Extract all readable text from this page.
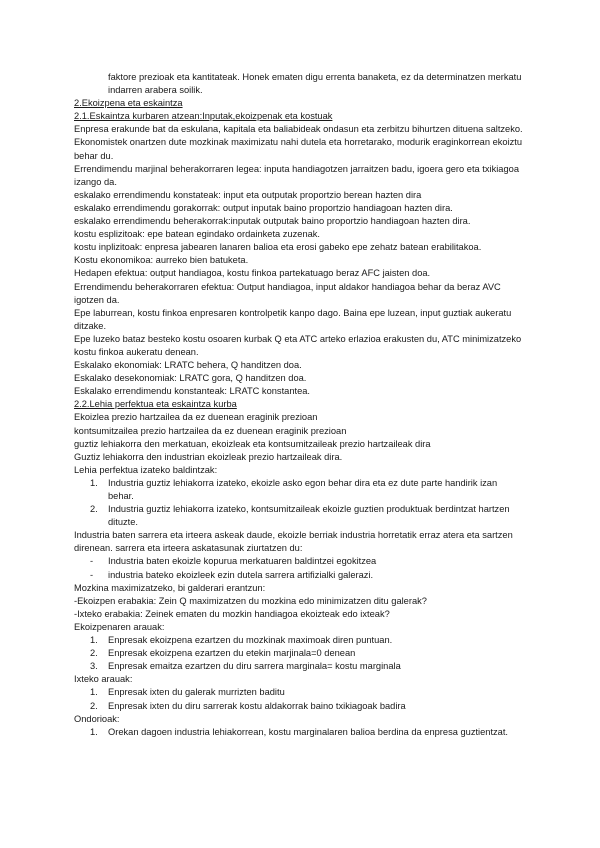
faktore prezioak eta kantitateak. Honek ematen digu errenta banaketa, ez da determinatzen merkatu indarren arabera soilik.

2.Ekoizpena eta eskaintza

2.1.Eskaintza kurbaren atzean:Inputak,ekoizpenak eta kostuak

Enpresa erakunde bat da eskulana, kapitala eta baliabideak ondasun eta zerbitzu bihurtzen dituena saltzeko. Ekonomistek onartzen dute mozkinak maximizatu nahi dutela eta horretarako, modurik eraginkorrean ekoiztu behar du.

Errendimendu marjinal beherakorraren legea: inputa handiagotzen jarraitzen badu, igoera gero eta txikiagoa izango da.

eskalako errendimendu konstateak: input eta outputak proportzio berean hazten dira

eskalako errendimendu gorakorrak: output inputak baino proportzio handiagoan hazten dira.

eskalako errendimendu beherakorrak:inputak outputak baino proportzio handiagoan hazten dira.

kostu esplizitoak: epe batean egindako ordainketa zuzenak.

kostu inplizitoak: enpresa jabearen lanaren balioa eta erosi gabeko epe zehatz batean erabilitakoa.

Kostu ekonomikoa: aurreko bien batuketa.

Hedapen efektua: output handiagoa, kostu finkoa partekatuago beraz AFC jaisten doa.

Errendimendu beherakorraren efektua: Output handiagoa, input aldakor handiagoa behar da beraz AVC igotzen da.

Epe laburrean, kostu finkoa enpresaren kontrolpetik kanpo dago. Baina epe luzean, input guztiak aukeratu ditzake.

Epe luzeko bataz besteko kostu osoaren kurbak Q eta ATC arteko erlazioa erakusten du, ATC minimizatzeko kostu finkoa aukeratu denean.

Eskalako ekonomiak: LRATC behera, Q handitzen doa.

Eskalako desekonomiak: LRATC gora, Q handitzen doa.

Eskalako errendimendu konstanteak: LRATC konstantea.

2.2.Lehia perfektua eta eskaintza kurba

Ekoizlea prezio hartzailea da ez duenean eraginik prezioan

kontsumitzailea prezio hartzailea da ez duenean eraginik prezioan

guztiz lehiakorra den merkatuan, ekoizleak eta kontsumitzaileak prezio hartzaileak dira

Guztiz lehiakorra den industrian ekoizleak prezio hartzaileak dira.

Lehia perfektua izateko baldintzak:

1. Industria guztiz lehiakorra izateko, ekoizle asko egon behar dira eta ez dute parte handirik izan behar.
2. Industria guztiz lehiakorra izateko, kontsumitzaileak ekoizle guztien produktuak berdintzat hartzen dituzte.

Industria baten sarrera eta irteera askeak daude, ekoizle berriak industria horretatik erraz atera eta sartzen direnean. sarrera eta irteera askatasunak ziurtatzen du:

- Industria baten ekoizle kopurua merkatuaren baldintzei egokitzea
- industria bateko ekoizleek ezin dutela sarrera artifizialki galerazi.

Mozkina maximizatzeko, bi galderari erantzun:

-Ekoizpen erabakia: Zein Q maximizatzen du mozkina edo minimizatzen ditu galerak?

-Ixteko erabakia: Zeinek ematen du mozkin handiagoa ekoizteak edo ixteak?

Ekoizpenaren arauak:

1. Enpresak ekoizpena ezartzen du mozkinak maximoak diren puntuan.
2. Enpresak ekoizpena ezartzen du etekin marjinala=0 denean
3. Enpresak emaitza ezartzen du diru sarrera marginala= kostu marginala

Ixteko arauak:

1. Enpresak ixten du galerak murrizten baditu
2. Enpresak ixten du diru sarrerak kostu aldakorrak baino txikiagoak badira

Ondorioak:

1. Orekan dagoen industria lehiakorrean, kostu marginalaren balioa berdina da enpresa guztientzat.
